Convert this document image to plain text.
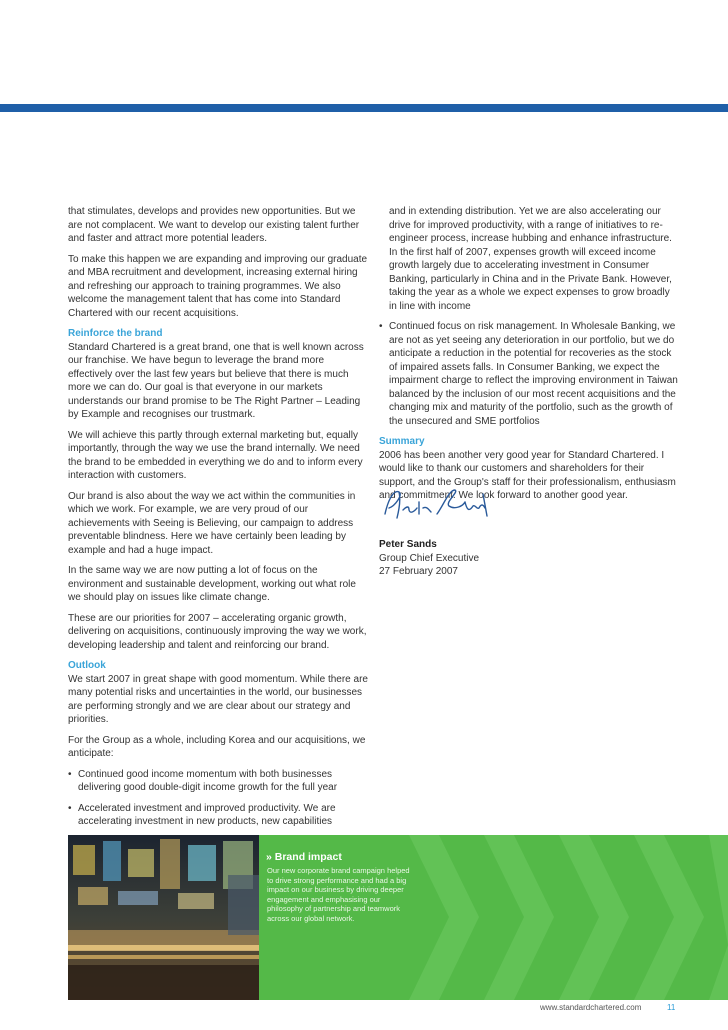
that stimulates, develops and provides new opportunities. But we are not complacent. We want to develop our existing talent further and faster and attract more potential leaders.

To make this happen we are expanding and improving our graduate and MBA recruitment and development, increasing external hiring and refreshing our approach to training programmes. We also welcome the management talent that has come into Standard Chartered with our recent acquisitions.

Reinforce the brand

Standard Chartered is a great brand, one that is well known across our franchise. We have begun to leverage the brand more effectively over the last few years but believe that there is much more we can do. Our goal is that everyone in our markets understands our brand promise to be The Right Partner – Leading by Example and recognises our trustmark.

We will achieve this partly through external marketing but, equally importantly, through the way we use the brand internally. We need the brand to be embedded in everything we do and to inform every interaction with customers.

Our brand is also about the way we act within the communities in which we work. For example, we are very proud of our achievements with Seeing is Believing, our campaign to address preventable blindness. Here we have certainly been leading by example and had a huge impact.

In the same way we are now putting a lot of focus on the environment and sustainable development, working out what role we should play on issues like climate change.

These are our priorities for 2007 – accelerating organic growth, delivering on acquisitions, continuously improving the way we work, developing leadership and talent and reinforcing our brand.

Outlook

We start 2007 in great shape with good momentum. While there are many potential risks and uncertainties in the world, our businesses are performing strongly and we are clear about our strategy and priorities.

For the Group as a whole, including Korea and our acquisitions, we anticipate:

• Continued good income momentum with both businesses delivering good double-digit income growth for the full year
• Accelerated investment and improved productivity. We are accelerating investment in new products, new capabilities

and in extending distribution. Yet we are also accelerating our drive for improved productivity, with a range of initiatives to re-engineer process, increase hubbing and enhance infrastructure. In the first half of 2007, expenses growth will exceed income growth largely due to accelerating investment in Consumer Banking, particularly in China and in the Private Bank. However, taking the year as a whole we expect expenses to grow broadly in line with income

• Continued focus on risk management. In Wholesale Banking, we are not as yet seeing any deterioration in our portfolio, but we do anticipate a reduction in the potential for recoveries as the stock of impaired assets falls. In Consumer Banking, we expect the impairment charge to reflect the improving environment in Taiwan balanced by the inclusion of our most recent acquisitions and the changing mix and maturity of the portfolio, such as the growth of the unsecured and SME portfolios
Summary

2006 has been another very good year for Standard Chartered. I would like to thank our customers and shareholders for their support, and the Group's staff for their professionalism, enthusiasm and commitment. We look forward to another good year.

Peter Sands
Group Chief Executive
27 February 2007
» Brand impact
Our new corporate brand campaign helped to drive strong performance and had a big impact on our business by driving deeper engagement and emphasising our philosophy of partnership and teamwork across our global network.
www.standardchartered.com	11
